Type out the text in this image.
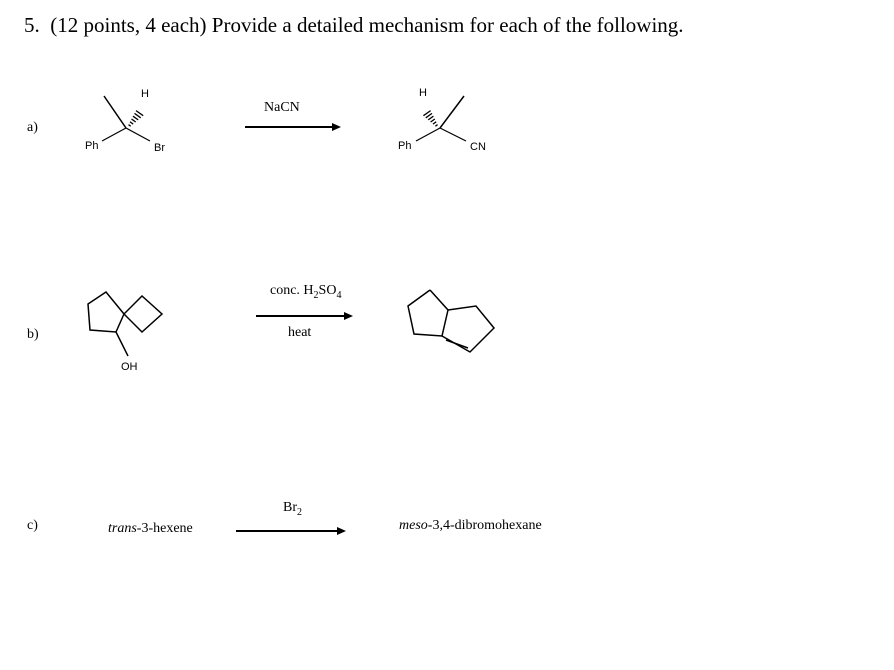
5. (12 points, 4 each) Provide a detailed mechanism for each of the following.
a)
H
Ph	Br
NaCN
H
Ph	CN
b)
OH
conc. $H_2SO_4$
heat
c)	trans-3-hexene
$Br_2$
meso-3,4-dibromohexane
